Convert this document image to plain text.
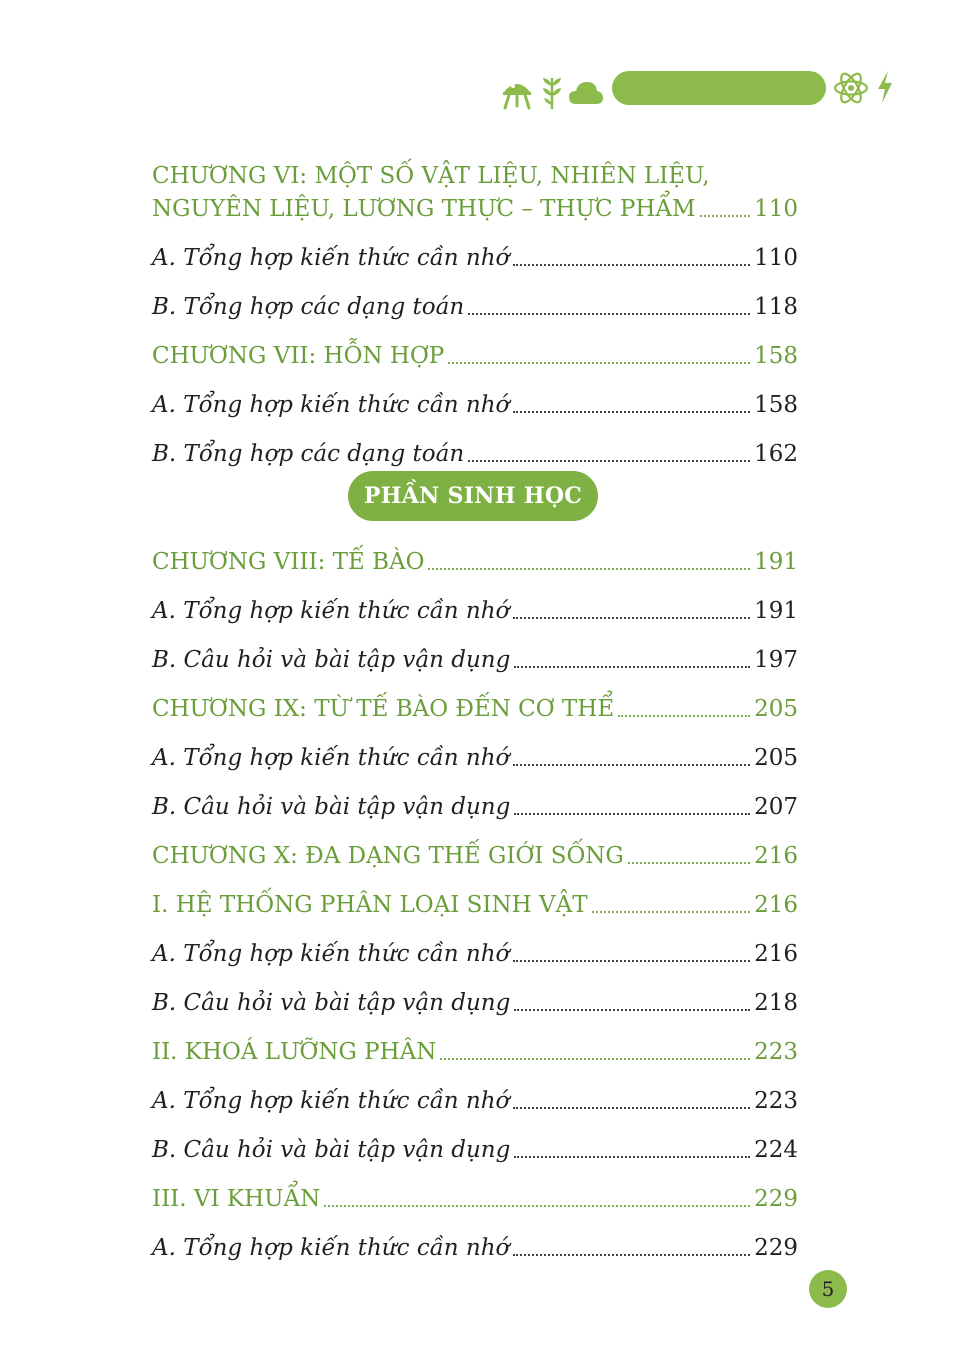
CHƯƠNG VI: MỘT SỐ VẬT LIỆU, NHIÊN LIỆU,
NGUYÊN LIỆU, LƯƠNG THỰC – THỰC PHẨM	110
A. Tổng hợp kiến thức cần nhớ	110
B. Tổng hợp các dạng toán	118
CHƯƠNG VII: HỖN HỢP	158
A. Tổng hợp kiến thức cần nhớ	158
B. Tổng hợp các dạng toán	162
PHẦN SINH HỌC
CHƯƠNG VIII: TẾ BÀO	191
A. Tổng hợp kiến thức cần nhớ	191
B. Câu hỏi và bài tập vận dụng	197
CHƯƠNG IX: TỪ TẾ BÀO ĐẾN CƠ THỂ	205
A. Tổng hợp kiến thức cần nhớ	205
B. Câu hỏi và bài tập vận dụng	207
CHƯƠNG X: ĐA DẠNG THẾ GIỚI SỐNG	216
I. HỆ THỐNG PHÂN LOẠI SINH VẬT	216
A. Tổng hợp kiến thức cần nhớ	216
B. Câu hỏi và bài tập vận dụng	218
II. KHOÁ LƯỠNG PHÂN	223
A. Tổng hợp kiến thức cần nhớ	223
B. Câu hỏi và bài tập vận dụng	224
III. VI KHUẨN	229
A. Tổng hợp kiến thức cần nhớ	229
5
